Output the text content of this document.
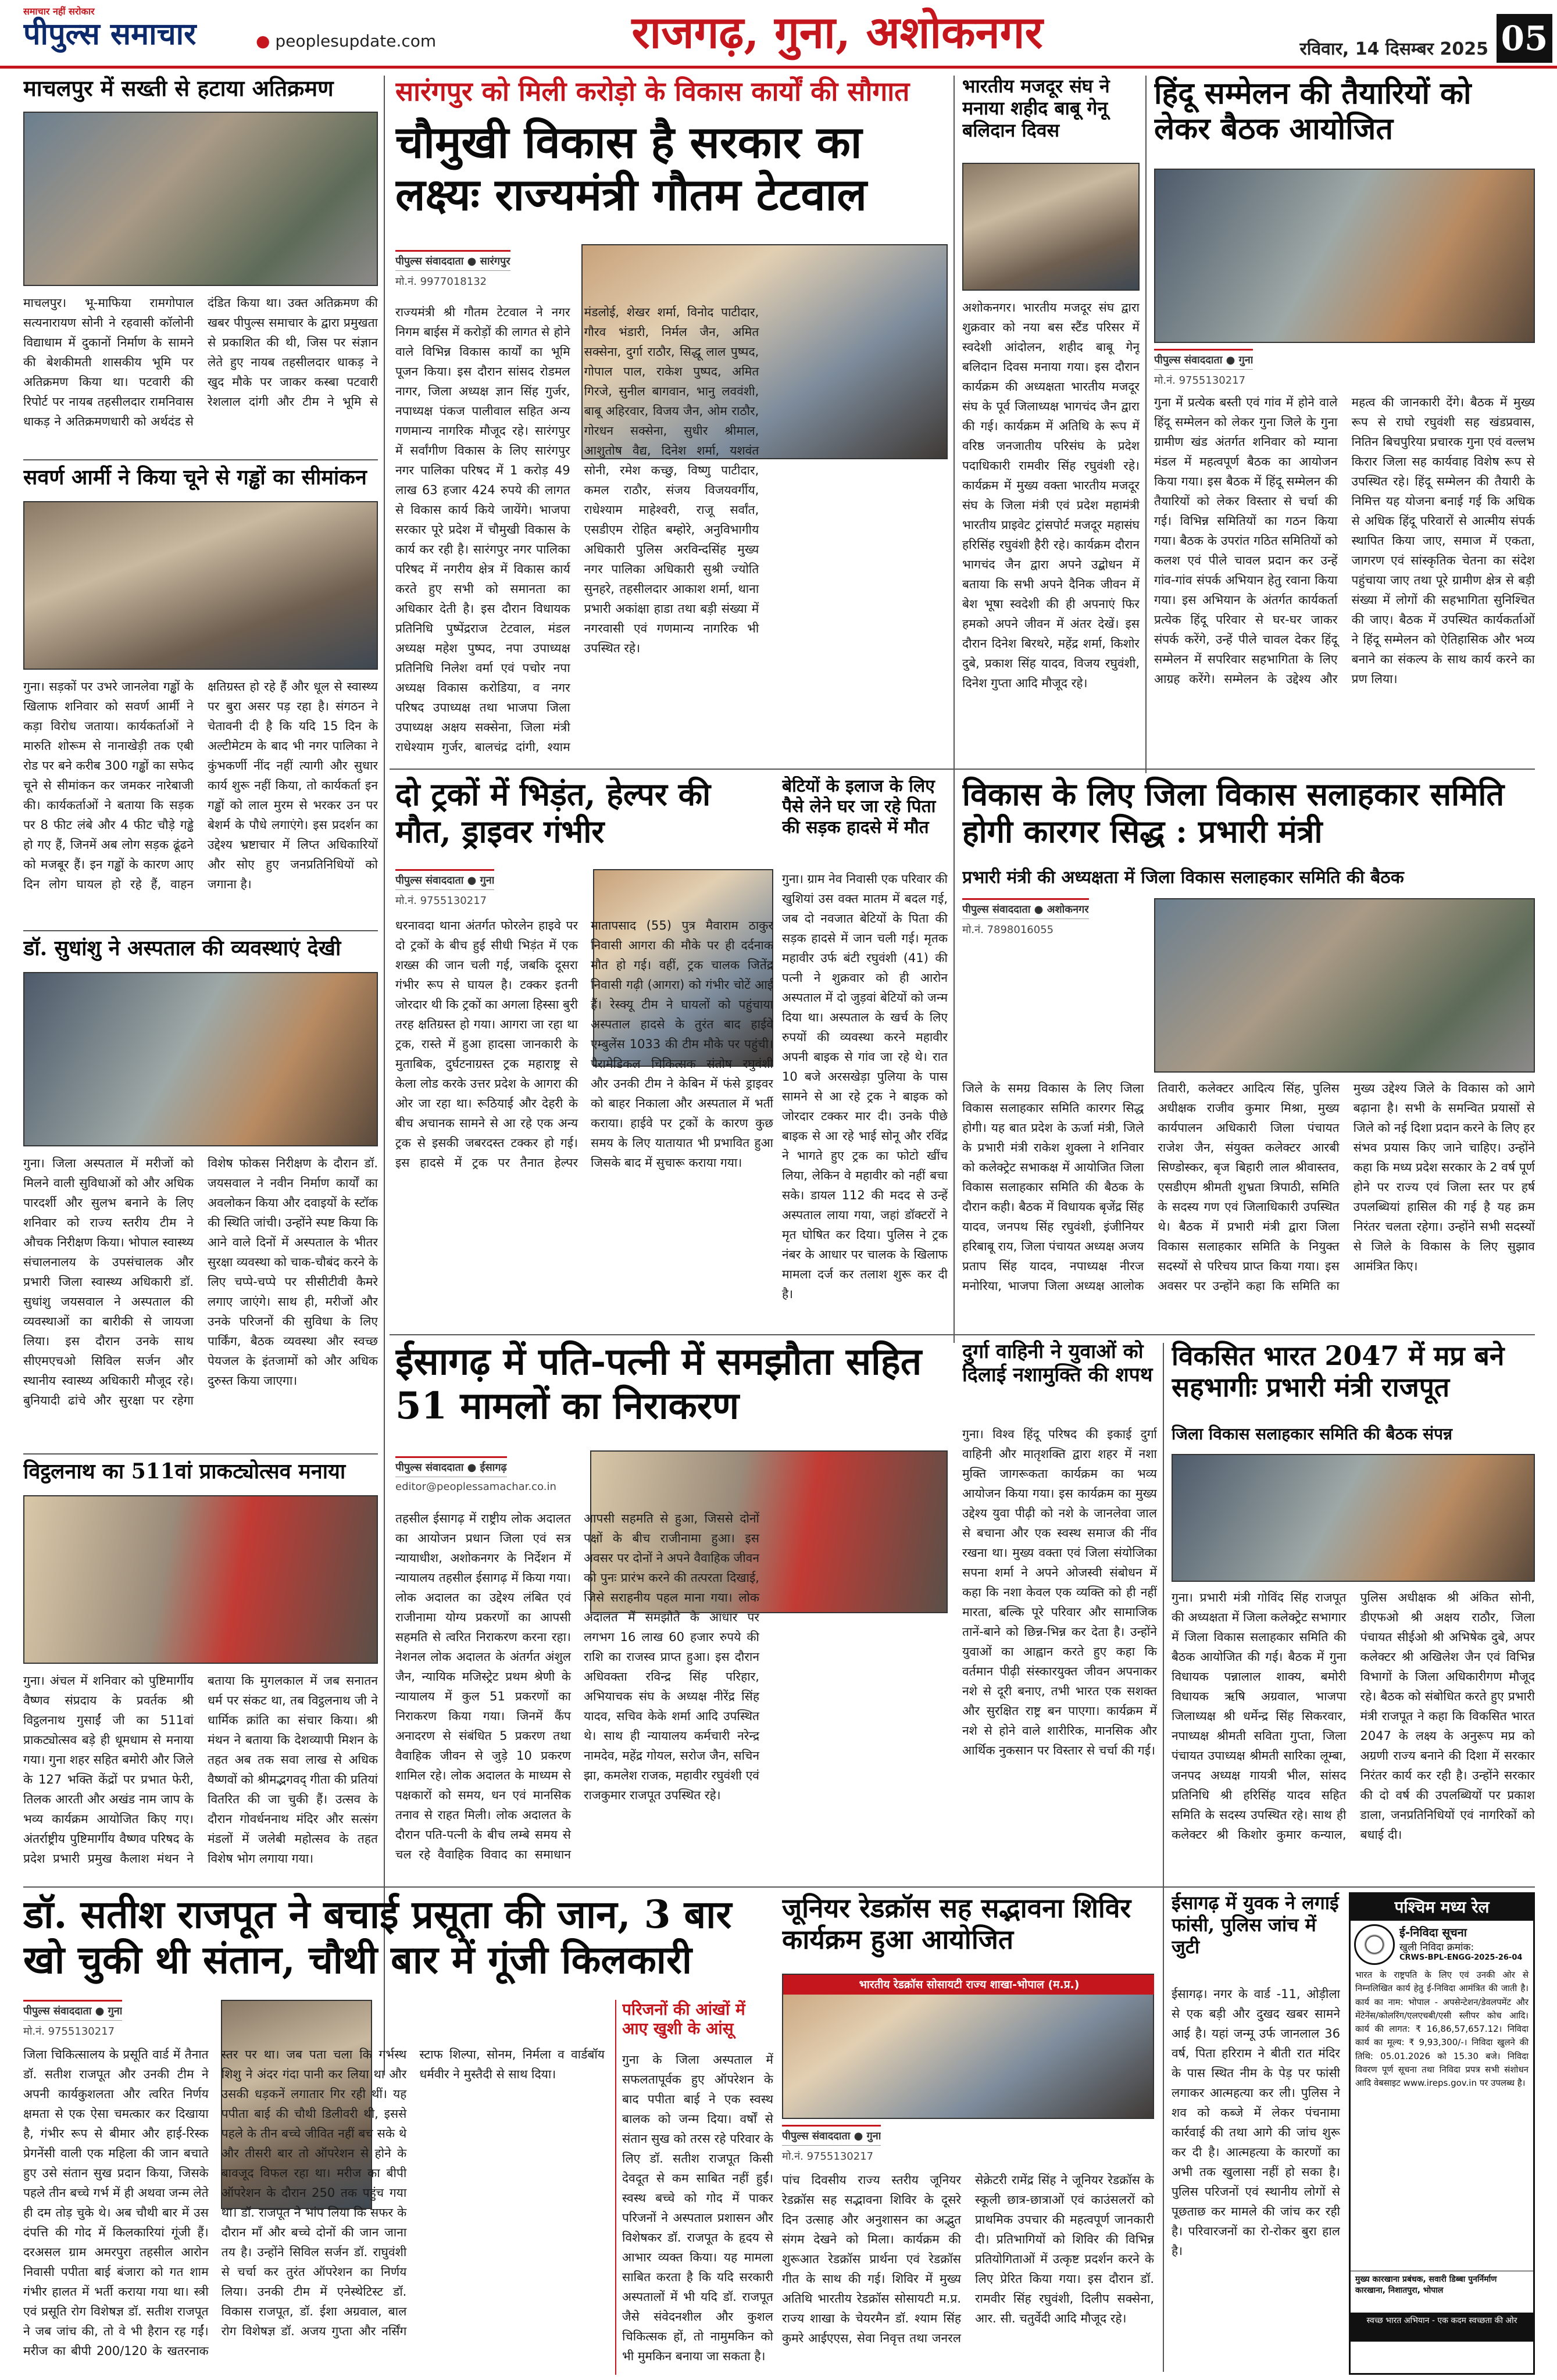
समाचार नहीं सरोकार
पीपुल्स समाचार	● peoplesupdate.com	राजगढ़, गुना, अशोकनगर	रविवार, 14 दिसम्बर 2025 05
माचलपुर में सख्ती से हटाया अतिक्रमण
माचलपुर। भू-माफिया रामगोपाल सत्यनारायण सोनी ने रहवासी कॉलोनी विद्याधाम में दुकानों निर्माण के सामने की बेशकीमती शासकीय भूमि पर अतिक्रमण किया था। पटवारी की रिपोर्ट पर नायब तहसीलदार रामनिवास धाकड़ ने अतिक्रमणधारी को अर्थदंड से दंडित किया था। उक्त अतिक्रमण की खबर पीपुल्स समाचार के द्वारा प्रमुखता से प्रकाशित की थी, जिस पर संज्ञान लेते हुए नायब तहसीलदार धाकड़ ने खुद मौके पर जाकर कस्बा पटवारी रेशलाल दांगी और टीम ने भूमि से
सवर्ण आर्मी ने किया चूने से गड्ढों का सीमांकन
गुना। सड़कों पर उभरे जानलेवा गड्ढों के खिलाफ शनिवार को सवर्ण आर्मी ने कड़ा विरोध जताया। कार्यकर्ताओं ने मारुति शोरूम से नानाखेड़ी तक एबी रोड पर बने करीब 300 गड्ढों का सफेद चूने से सीमांकन कर जमकर नारेबाजी की। कार्यकर्ताओं ने बताया कि सड़क पर 8 फीट लंबे और 4 फीट चौड़े गड्ढे हो गए हैं, जिनमें अब लोग सड़क ढूंढने को मजबूर हैं। इन गड्ढों के कारण आए दिन लोग घायल हो रहे हैं, वाहन क्षतिग्रस्त हो रहे हैं और धूल से स्वास्थ्य पर बुरा असर पड़ रहा है। संगठन ने चेतावनी दी है कि यदि 15 दिन के अल्टीमेटम के बाद भी नगर पालिका ने कुंभकर्णी नींद नहीं त्यागी और सुधार कार्य शुरू नहीं किया, तो कार्यकर्ता इन गड्ढों को लाल मुरम से भरकर उन पर बेशर्म के पौधे लगाएंगे। इस प्रदर्शन का उद्देश्य भ्रष्टाचार में लिप्त अधिकारियों और सोए हुए जनप्रतिनिधियों को जगाना है।
डॉ. सुधांशु ने अस्पताल की व्यवस्थाएं देखी
गुना। जिला अस्पताल में मरीजों को मिलने वाली सुविधाओं को और अधिक पारदर्शी और सुलभ बनाने के लिए शनिवार को राज्य स्तरीय टीम ने औचक निरीक्षण किया। भोपाल स्वास्थ्य संचालनालय के उपसंचालक और प्रभारी जिला स्वास्थ्य अधिकारी डॉ. सुधांशु जयसवाल ने अस्पताल की व्यवस्थाओं का बारीकी से जायजा लिया। इस दौरान उनके साथ सीएमएचओ सिविल सर्जन और स्थानीय स्वास्थ्य अधिकारी मौजूद रहे। बुनियादी ढांचे और सुरक्षा पर रहेगा विशेष फोकस निरीक्षण के दौरान डॉ. जयसवाल ने नवीन निर्माण कार्यों का अवलोकन किया और दवाइयों के स्टॉक की स्थिति जांची। उन्होंने स्पष्ट किया कि आने वाले दिनों में अस्पताल के भीतर सुरक्षा व्यवस्था को चाक-चौबंद करने के लिए चप्पे-चप्पे पर सीसीटीवी कैमरे लगाए जाएंगे। साथ ही, मरीजों और उनके परिजनों की सुविधा के लिए पार्किंग, बैठक व्यवस्था और स्वच्छ पेयजल के इंतजामों को और अधिक दुरुस्त किया जाएगा।
विट्ठलनाथ का 511वां प्राकट्योत्सव मनाया
गुना। अंचल में शनिवार को पुष्टिमार्गीय वैष्णव संप्रदाय के प्रवर्तक श्री विट्ठलनाथ गुसाईं जी का 511वां प्राकट्योत्सव बड़े ही धूमधाम से मनाया गया। गुना शहर सहित बमोरी और जिले के 127 भक्ति केंद्रों पर प्रभात फेरी, तिलक आरती और अखंड नाम जाप के भव्य कार्यक्रम आयोजित किए गए। अंतर्राष्ट्रीय पुष्टिमार्गीय वैष्णव परिषद के प्रदेश प्रभारी प्रमुख कैलाश मंथन ने बताया कि मुगलकाल में जब सनातन धर्म पर संकट था, तब विट्ठलनाथ जी ने धार्मिक क्रांति का संचार किया। श्री मंथन ने बताया कि देशव्यापी मिशन के तहत अब तक सवा लाख से अधिक वैष्णवों को श्रीमद्भगवद् गीता की प्रतियां वितरित की जा चुकी हैं। उत्सव के दौरान गोवर्धननाथ मंदिर और सत्संग मंडलों में जलेबी महोत्सव के तहत विशेष भोग लगाया गया।
सारंगपुर को मिली करोड़ो के विकास कार्यों की सौगात
चौमुखी विकास है सरकार का लक्ष्यः राज्यमंत्री गौतम टेटवाल
पीपुल्स संवाददाता ● सारंगपुर
मो.नं. 9977018132
राज्यमंत्री श्री गौतम टेटवाल ने नगर निगम बाईस में करोड़ों की लागत से होने वाले विभिन्न विकास कार्यों का भूमि पूजन किया। इस दौरान सांसद रोडमल नागर, जिला अध्यक्ष ज्ञान सिंह गुर्जर, नपाध्यक्ष पंकज पालीवाल सहित अन्य गणमान्य नागरिक मौजूद रहे। सारंगपुर में सर्वांगीण विकास के लिए सारंगपुर नगर पालिका परिषद में 1 करोड़ 49 लाख 63 हजार 424 रुपये की लागत से विकास कार्य किये जायेंगे। भाजपा सरकार पूरे प्रदेश में चौमुखी विकास के कार्य कर रही है। सारंगपुर नगर पालिका परिषद में नगरीय क्षेत्र में विकास कार्य करते हुए सभी को समानता का अधिकार देती है। इस दौरान विधायक प्रतिनिधि पुष्पेंद्रराज टेटवाल, मंडल अध्यक्ष महेश पुष्पद, नपा उपाध्यक्ष प्रतिनिधि निलेश वर्मा एवं पचोर नपा अध्यक्ष विकास करोडिया, व नगर परिषद उपाध्यक्ष तथा भाजपा जिला उपाध्यक्ष अक्षय सक्सेना, जिला मंत्री राधेश्याम गुर्जर, बालचंद्र दांगी, श्याम मंडलोई, शेखर शर्मा, विनोद पाटीदार, गौरव भंडारी, निर्मल जैन, अमित सक्सेना, दुर्गा राठौर, सिद्धू लाल पुष्पद, गोपाल पाल, राकेश पुष्पद, अमित गिरजे, सुनील बागवान, भानु लववंशी, बाबू अहिरवार, विजय जैन, ओम राठौर, गोरधन सक्सेना, सुधीर श्रीमाल, आशुतोष वैद्य, दिनेश शर्मा, यशवंत सोनी, रमेश कच्छु, विष्णु पाटीदार, कमल राठौर, संजय विजयवर्गीय, राधेश्याम माहेश्वरी, राजू सर्वांत, एसडीएम रोहित बम्होरे, अनुविभागीय अधिकारी पुलिस अरविन्दसिंह मुख्य नगर पालिका अधिकारी सुश्री ज्योति सुनहरे, तहसीलदार आकाश शर्मा, थाना प्रभारी अकांक्षा हाडा तथा बड़ी संख्या में नगरवासी एवं गणमान्य नागरिक भी उपस्थित रहे।
भारतीय मजदूर संघ ने मनाया शहीद बाबू गेनू बलिदान दिवस
अशोकनगर। भारतीय मजदूर संघ द्वारा शुक्रवार को नया बस स्टैंड परिसर में स्वदेशी आंदोलन, शहीद बाबू गेनू बलिदान दिवस मनाया गया। इस दौरान कार्यक्रम की अध्यक्षता भारतीय मजदूर संघ के पूर्व जिलाध्यक्ष भागचंद जैन द्वारा की गई। कार्यक्रम में अतिथि के रूप में वरिष्ठ जनजातीय परिसंघ के प्रदेश पदाधिकारी रामवीर सिंह रघुवंशी रहे। कार्यक्रम में मुख्य वक्ता भारतीय मजदूर संघ के जिला मंत्री एवं प्रदेश महामंत्री भारतीय प्राइवेट ट्रांसपोर्ट मजदूर महासंघ हरिसिंह रघुवंशी हैरी रहे। कार्यक्रम दौरान भागचंद जैन द्वारा अपने उद्बोधन में बताया कि सभी अपने दैनिक जीवन में बेश भूषा स्वदेशी की ही अपनाएं फिर हमको अपने जीवन में अंतर देखें। इस दौरान दिनेश बिरथरे, महेंद्र शर्मा, किशोर दुबे, प्रकाश सिंह यादव, विजय रघुवंशी, दिनेश गुप्ता आदि मौजूद रहे।
हिंदू सम्मेलन की तैयारियों को लेकर बैठक आयोजित
पीपुल्स संवाददाता ● गुना
मो.नं. 9755130217
गुना में प्रत्येक बस्ती एवं गांव में होने वाले हिंदू सम्मेलन को लेकर गुना जिले के गुना ग्रामीण खंड अंतर्गत शनिवार को म्याना मंडल में महत्वपूर्ण बैठक का आयोजन किया गया। इस बैठक में हिंदू सम्मेलन की तैयारियों को लेकर विस्तार से चर्चा की गई। विभिन्न समितियों का गठन किया गया। बैठक के उपरांत गठित समितियों को कलश एवं पीले चावल प्रदान कर उन्हें गांव-गांव संपर्क अभियान हेतु रवाना किया गया। इस अभियान के अंतर्गत कार्यकर्ता प्रत्येक हिंदू परिवार से घर-घर जाकर संपर्क करेंगे, उन्हें पीले चावल देकर हिंदू सम्मेलन में सपरिवार सहभागिता के लिए आग्रह करेंगे। सम्मेलन के उद्देश्य और महत्व की जानकारी देंगे। बैठक में मुख्य रूप से राघो रघुवंशी सह खंडप्रवास, नितिन बिचपुरिया प्रचारक गुना एवं वल्लभ किरार जिला सह कार्यवाह विशेष रूप से उपस्थित रहे। हिंदू सम्मेलन की तैयारी के निमित्त यह योजना बनाई गई कि अधिक से अधिक हिंदू परिवारों से आत्मीय संपर्क स्थापित किया जाए, समाज में एकता, जागरण एवं सांस्कृतिक चेतना का संदेश पहुंचाया जाए तथा पूरे ग्रामीण क्षेत्र से बड़ी संख्या में लोगों की सहभागिता सुनिश्चित की जाए। बैठक में उपस्थित कार्यकर्ताओं ने हिंदू सम्मेलन को ऐतिहासिक और भव्य बनाने का संकल्प के साथ कार्य करने का प्रण लिया।
दो ट्रकों में भिड़ंत, हेल्पर की मौत, ड्राइवर गंभीर
पीपुल्स संवाददाता ● गुना
मो.नं. 9755130217
धरनावदा थाना अंतर्गत फोरलेन हाइवे पर दो ट्रकों के बीच हुई सीधी भिड़ंत में एक शख्स की जान चली गई, जबकि दूसरा गंभीर रूप से घायल है। टक्कर इतनी जोरदार थी कि ट्रकों का अगला हिस्सा बुरी तरह क्षतिग्रस्त हो गया। आगरा जा रहा था ट्रक, रास्ते में हुआ हादसा जानकारी के मुताबिक, दुर्घटनाग्रस्त ट्रक महाराष्ट्र से केला लोड करके उत्तर प्रदेश के आगरा की ओर जा रहा था। रूठियाई और देहरी के बीच अचानक सामने से आ रहे एक अन्य ट्रक से इसकी जबरदस्त टक्कर हो गई। इस हादसे में ट्रक पर तैनात हेल्पर मातापसाद (55) पुत्र मैवाराम ठाकुर निवासी आगरा की मौके पर ही दर्दनाक मौत हो गई। वहीं, ट्रक चालक जितेंद्र निवासी गढ़ी (आगरा) को गंभीर चोटें आई हैं। रेस्क्यू टीम ने घायलों को पहुंचाया अस्पताल हादसे के तुरंत बाद हाईवे एम्बुलेंस 1033 की टीम मौके पर पहुंची। पैरामेडिकल चिकित्सक संतोष रघुवंशी और उनकी टीम ने केबिन में फंसे ड्राइवर को बाहर निकाला और अस्पताल में भर्ती कराया। हाईवे पर ट्रकों के कारण कुछ समय के लिए यातायात भी प्रभावित हुआ जिसके बाद में सुचारू कराया गया।
बेटियों के इलाज के लिए पैसे लेने घर जा रहे पिता की सड़क हादसे में मौत
गुना। ग्राम नेव निवासी एक परिवार की खुशियां उस वक्त मातम में बदल गई, जब दो नवजात बेटियों के पिता की सड़क हादसे में जान चली गई। मृतक महावीर उर्फ बंटी रघुवंशी (41) की पत्नी ने शुक्रवार को ही आरोन अस्पताल में दो जुड़वां बेटियों को जन्म दिया था। अस्पताल के खर्च के लिए रुपयों की व्यवस्था करने महावीर अपनी बाइक से गांव जा रहे थे। रात 10 बजे अरसखेड़ा पुलिया के पास सामने से आ रहे ट्रक ने बाइक को जोरदार टक्कर मार दी। उनके पीछे बाइक से आ रहे भाई सोनू और रविंद्र ने भागते हुए ट्रक का फोटो खींच लिया, लेकिन वे महावीर को नहीं बचा सके। डायल 112 की मदद से उन्हें अस्पताल लाया गया, जहां डॉक्टरों ने मृत घोषित कर दिया। पुलिस ने ट्रक नंबर के आधार पर चालक के खिलाफ मामला दर्ज कर तलाश शुरू कर दी है।
विकास के लिए जिला विकास सलाहकार समिति होगी कारगर सिद्ध : प्रभारी मंत्री
प्रभारी मंत्री की अध्यक्षता में जिला विकास सलाहकार समिति की बैठक
पीपुल्स संवाददाता ● अशोकनगर
मो.नं. 7898016055
जिले के समग्र विकास के लिए जिला विकास सलाहकार समिति कारगर सिद्ध होगी। यह बात प्रदेश के ऊर्जा मंत्री, जिले के प्रभारी मंत्री राकेश शुक्ला ने शनिवार को कलेक्ट्रेट सभाकक्ष में आयोजित जिला विकास सलाहकार समिति की बैठक के दौरान कही। बैठक में विधायक बृजेंद्र सिंह यादव, जनपथ सिंह रघुवंशी, इंजीनियर हरिबाबू राय, जिला पंचायत अध्यक्ष अजय प्रताप सिंह यादव, नपाध्यक्ष नीरज मनोरिया, भाजपा जिला अध्यक्ष आलोक तिवारी, कलेक्टर आदित्य सिंह, पुलिस अधीक्षक राजीव कुमार मिश्रा, मुख्य कार्यपालन अधिकारी जिला पंचायत राजेश जैन, संयुक्त कलेक्टर आरबी सिण्डोस्कर, बृज बिहारी लाल श्रीवास्तव, एसडीएम श्रीमती शुभ्रता त्रिपाठी, समिति के सदस्य गण एवं जिलाधिकारी उपस्थित थे। बैठक में प्रभारी मंत्री द्वारा जिला विकास सलाहकार समिति के नियुक्त सदस्यों से परिचय प्राप्त किया गया। इस अवसर पर उन्होंने कहा कि समिति का मुख्य उद्देश्य जिले के विकास को आगे बढ़ाना है। सभी के समन्वित प्रयासों से जिले को नई दिशा प्रदान करने के लिए हर संभव प्रयास किए जाने चाहिए। उन्होंने कहा कि मध्य प्रदेश सरकार के 2 वर्ष पूर्ण होने पर राज्य एवं जिला स्तर पर हर्ष उपलब्धियां हासिल की गई है यह क्रम निरंतर चलता रहेगा। उन्होंने सभी सदस्यों से जिले के विकास के लिए सुझाव आमंत्रित किए।
ईसागढ़ में पति-पत्नी में समझौता सहित 51 मामलों का निराकरण
पीपुल्स संवाददाता ● ईसागढ़
editor@peoplessamachar.co.in
तहसील ईसागढ़ में राष्ट्रीय लोक अदालत का आयोजन प्रधान जिला एवं सत्र न्यायाधीश, अशोकनगर के निर्देशन में न्यायालय तहसील ईसागढ़ में किया गया। लोक अदालत का उद्देश्य लंबित एवं राजीनामा योग्य प्रकरणों का आपसी सहमति से त्वरित निराकरण करना रहा। नेशनल लोक अदालत के अंतर्गत अंशुल जैन, न्यायिक मजिस्ट्रेट प्रथम श्रेणी के न्यायालय में कुल 51 प्रकरणों का निराकरण किया गया। जिनमें कैंप अनादरण से संबंधित 5 प्रकरण तथा वैवाहिक जीवन से जुड़े 10 प्रकरण शामिल रहे। लोक अदालत के माध्यम से पक्षकारों को समय, धन एवं मानसिक तनाव से राहत मिली। लोक अदालत के दौरान पति-पत्नी के बीच लम्बे समय से चल रहे वैवाहिक विवाद का समाधान आपसी सहमति से हुआ, जिससे दोनों पक्षों के बीच राजीनामा हुआ। इस अवसर पर दोनों ने अपने वैवाहिक जीवन को पुनः प्रारंभ करने की तत्परता दिखाई, जिसे सराहनीय पहल माना गया। लोक अदालत में समझौते के आधार पर लगभग 16 लाख 60 हजार रुपये की राशि का राजस्व प्राप्त हुआ। इस दौरान अधिवक्ता रविन्द्र सिंह परिहार, अभियाचक संघ के अध्यक्ष नीरेंद्र सिंह यादव, सचिव केके शर्मा आदि उपस्थित थे। साथ ही न्यायालय कर्मचारी नरेन्द्र नामदेव, महेंद्र गोयल, सरोज जैन, सचिन झा, कमलेश राजक, महावीर रघुवंशी एवं राजकुमार राजपूत उपस्थित रहे।
दुर्गा वाहिनी ने युवाओं को दिलाई नशामुक्ति की शपथ
गुना। विश्व हिंदू परिषद की इकाई दुर्गा वाहिनी और मातृशक्ति द्वारा शहर में नशा मुक्ति जागरूकता कार्यक्रम का भव्य आयोजन किया गया। इस कार्यक्रम का मुख्य उद्देश्य युवा पीढ़ी को नशे के जानलेवा जाल से बचाना और एक स्वस्थ समाज की नींव रखना था। मुख्य वक्ता एवं जिला संयोजिका सपना शर्मा ने अपने ओजस्वी संबोधन में कहा कि नशा केवल एक व्यक्ति को ही नहीं मारता, बल्कि पूरे परिवार और सामाजिक तानें-बाने को छिन्न-भिन्न कर देता है। उन्होंने युवाओं का आह्वान करते हुए कहा कि वर्तमान पीढ़ी संस्कारयुक्त जीवन अपनाकर नशे से दूरी बनाए, तभी भारत एक सशक्त और सुरक्षित राष्ट्र बन पाएगा। कार्यक्रम में नशे से होने वाले शारीरिक, मानसिक और आर्थिक नुकसान पर विस्तार से चर्चा की गई।
विकसित भारत 2047 में मप्र बने सहभागीः प्रभारी मंत्री राजपूत
जिला विकास सलाहकार समिति की बैठक संपन्न
गुना। प्रभारी मंत्री गोविंद सिंह राजपूत की अध्यक्षता में जिला कलेक्ट्रेट सभागार में जिला विकास सलाहकार समिति की बैठक आयोजित की गई। बैठक में गुना विधायक पन्नालाल शाक्य, बमोरी विधायक ऋषि अग्रवाल, भाजपा जिलाध्यक्ष श्री धर्मेन्द्र सिंह सिकरवार, नपाध्यक्ष श्रीमती सविता गुप्ता, जिला पंचायत उपाध्यक्ष श्रीमती सारिका लूम्बा, जनपद अध्यक्ष गायत्री भील, सांसद प्रतिनिधि श्री हरिसिंह यादव सहित समिति के सदस्य उपस्थित रहे। साथ ही कलेक्टर श्री किशोर कुमार कन्याल, पुलिस अधीक्षक श्री अंकित सोनी, डीएफओ श्री अक्षय राठौर, जिला पंचायत सीईओ श्री अभिषेक दुबे, अपर कलेक्टर श्री अखिलेश जैन एवं विभिन्न विभागों के जिला अधिकारीगण मौजूद रहे। बैठक को संबोधित करते हुए प्रभारी मंत्री राजपूत ने कहा कि विकसित भारत 2047 के लक्ष्य के अनुरूप मप्र को अग्रणी राज्य बनाने की दिशा में सरकार निरंतर कार्य कर रही है। उन्होंने सरकार की दो वर्ष की उपलब्धियों पर प्रकाश डाला, जनप्रतिनिधियों एवं नागरिकों को बधाई दी।
डॉ. सतीश राजपूत ने बचाई प्रसूता की जान, 3 बार खो चुकी थी संतान, चौथी बार में गूंजी किलकारी
पीपुल्स संवाददाता ● गुना
मो.नं. 9755130217
जिला चिकित्सालय के प्रसूति वार्ड में तैनात डॉ. सतीश राजपूत और उनकी टीम ने अपनी कार्यकुशलता और त्वरित निर्णय क्षमता से एक ऐसा चमत्कार कर दिखाया है, गंभीर रूप से बीमार और हाई-रिस्क प्रेगनेंसी वाली एक महिला की जान बचाते हुए उसे संतान सुख प्रदान किया, जिसके पहले तीन बच्चे गर्भ में ही अथवा जन्म लेते ही दम तोड़ चुके थे। अब चौथी बार में उस दंपत्ति की गोद में किलकारियां गूंजी हैं। दरअसल ग्राम अमरपुरा तहसील आरोन निवासी पपीता बाई बंजारा को गत शाम गंभीर हालत में भर्ती कराया गया था। स्त्री एवं प्रसूति रोग विशेषज्ञ डॉ. सतीश राजपूत ने जब जांच की, तो वे भी हैरान रह गईं। मरीज का बीपी 200/120 के खतरनाक स्तर पर था। जब पता चला कि गर्भस्थ शिशु ने अंदर गंदा पानी कर लिया था और उसकी धड़कनें लगातार गिर रही थीं। यह पपीता बाई की चौथी डिलीवरी थी, इससे पहले के तीन बच्चे जीवित नहीं बच सके थे और तीसरी बार तो ऑपरेशन से होने के बावजूद विफल रहा था। मरीज का बीपी ऑपरेशन के दौरान 250 तक पहुंच गया था। डॉ. राजपूत ने भांप लिया कि सफर के दौरान माँ और बच्चे दोनों की जान जाना तय है। उन्होंने सिविल सर्जन डॉ. राघुवंशी से चर्चा कर तुरंत ऑपरेशन का निर्णय लिया। उनकी टीम में एनेस्थेटिस्ट डॉ. विकास राजपूत, डॉ. ईशा अग्रवाल, बाल रोग विशेषज्ञ डॉ. अजय गुप्ता और नर्सिंग स्टाफ शिल्पा, सोनम, निर्मला व वार्डबॉय धर्मवीर ने मुस्तैदी से साथ दिया।
परिजनों की आंखों में आए खुशी के आंसू
गुना के जिला अस्पताल में सफलतापूर्वक हुए ऑपरेशन के बाद पपीता बाई ने एक स्वस्थ बालक को जन्म दिया। वर्षों से संतान सुख को तरस रहे परिवार के लिए डॉ. सतीश राजपूत किसी देवदूत से कम साबित नहीं हुईं। स्वस्थ बच्चे को गोद में पाकर परिजनों ने अस्पताल प्रशासन और विशेषकर डॉ. राजपूत के हृदय से आभार व्यक्त किया। यह मामला साबित करता है कि यदि सरकारी अस्पतालों में भी यदि डॉ. राजपूत जैसे संवेदनशील और कुशल चिकित्सक हों, तो नामुमकिन को भी मुमकिन बनाया जा सकता है।
जूनियर रेडक्रॉस सह सद्भावना शिविर कार्यक्रम हुआ आयोजित
भारतीय रेडक्रॉस सोसायटी राज्य शाखा-भोपाल (म.प्र.)
पीपुल्स संवाददाता ● गुना
मो.नं. 9755130217
पांच दिवसीय राज्य स्तरीय जूनियर रेडक्रॉस सह सद्भावना शिविर के दूसरे दिन उत्साह और अनुशासन का अद्भुत संगम देखने को मिला। कार्यक्रम की शुरूआत रेडक्रॉस प्रार्थना एवं रेडक्रॉस गीत के साथ की गई। शिविर में मुख्य अतिथि भारतीय रेडक्रॉस सोसायटी म.प्र. राज्य शाखा के चेयरमैन डॉ. श्याम सिंह कुमरे आईएएस, सेवा निवृत्त तथा जनरल सेक्रेटरी रामेंद्र सिंह ने जूनियर रेडक्रॉस के स्कूली छात्र-छात्राओं एवं काउंसलरों को प्राथमिक उपचार की महत्वपूर्ण जानकारी दी। प्रतिभागियों को शिविर की विभिन्न प्रतियोगिताओं में उत्कृष्ट प्रदर्शन करने के लिए प्रेरित किया गया। इस दौरान डॉ. रामवीर सिंह रघुवंशी, दिलीप सक्सेना, आर. सी. चतुर्वेदी आदि मौजूद रहे।
ईसागढ़ में युवक ने लगाई फांसी, पुलिस जांच में जुटी
ईसागढ़। नगर के वार्ड -11, ओड़ीला से एक बड़ी और दुखद खबर सामने आई है। यहां जन्मू उर्फ जानलाल 36 वर्ष, पिता हरिराम ने बीती रात मंदिर के पास स्थित नीम के पेड़ पर फांसी लगाकर आत्महत्या कर ली। पुलिस ने शव को कब्जे में लेकर पंचनामा कार्रवाई की तथा आगे की जांच शुरू कर दी है। आत्महत्या के कारणों का अभी तक खुलासा नहीं हो सका है। पुलिस परिजनों एवं स्थानीय लोगों से पूछताछ कर मामले की जांच कर रही है। परिवारजनों का रो-रोकर बुरा हाल है।
पश्चिम मध्य रेल
ई-निविदा सूचना
खुली निविदा क्रमांक:
CRWS-BPL-ENGG-2025-26-04
भारत के राष्ट्रपति के लिए एवं उनकी ओर से निम्नलिखित कार्य हेतु ई-निविदा आमंत्रित की जाती है। कार्य का नाम: भोपाल - अपसेन्टेशन/डेवलपमेंट और मेंटेनेंस/कोलरिंग/एलएचबी/एसी स्लीपर कोच आदि। कार्य की लागत: ₹ 16,86,57,657.12। निविदा कार्य का मूल्य: ₹ 9,93,300/-। निविदा खुलने की तिथि: 05.01.2026 को 15.30 बजे। निविदा विवरण पूर्ण सूचना तथा निविदा प्रपत्र सभी संशोधन आदि वेबसाइट www.ireps.gov.in पर उपलब्ध है।
मुख्य कारखाना प्रबंधक, सवारी डिब्बा पुनर्निर्माण कारखाना, निशातपुरा, भोपाल
स्वच्छ भारत अभियान - एक कदम स्वच्छता की ओर
